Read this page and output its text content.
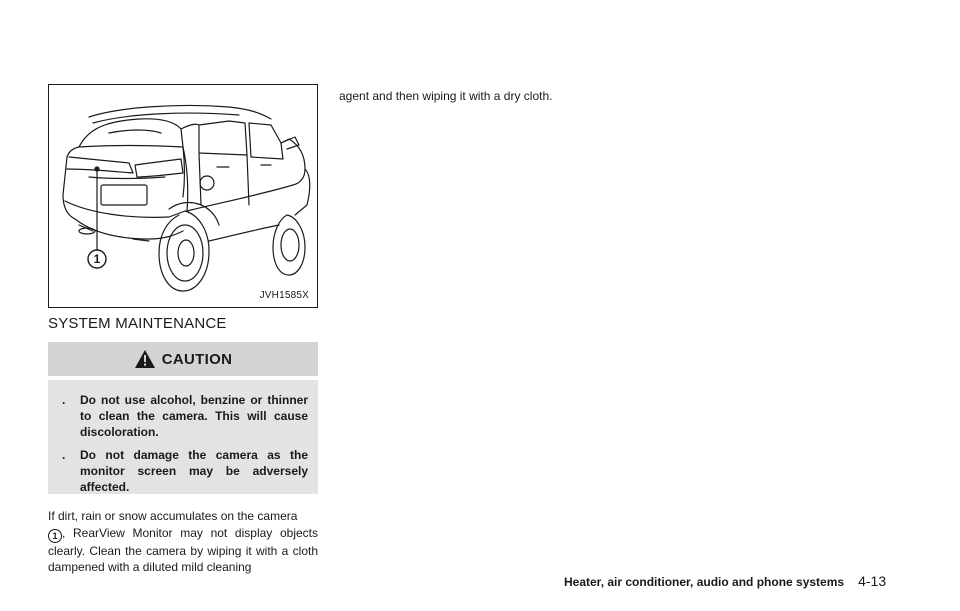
1
JVH1585X
SYSTEM MAINTENANCE
CAUTION
. Do not use alcohol, benzine or thinner to clean the camera. This will cause discoloration.
. Do not damage the camera as the monitor screen may be adversely affected.

If dirt, rain or snow accumulates on the camera
1 , RearView Monitor may not display objects clearly. Clean the camera by wiping it with a cloth dampened with a diluted mild cleaning

agent and then wiping it with a dry cloth.

Heater, air conditioner, audio and phone systems 4-13
